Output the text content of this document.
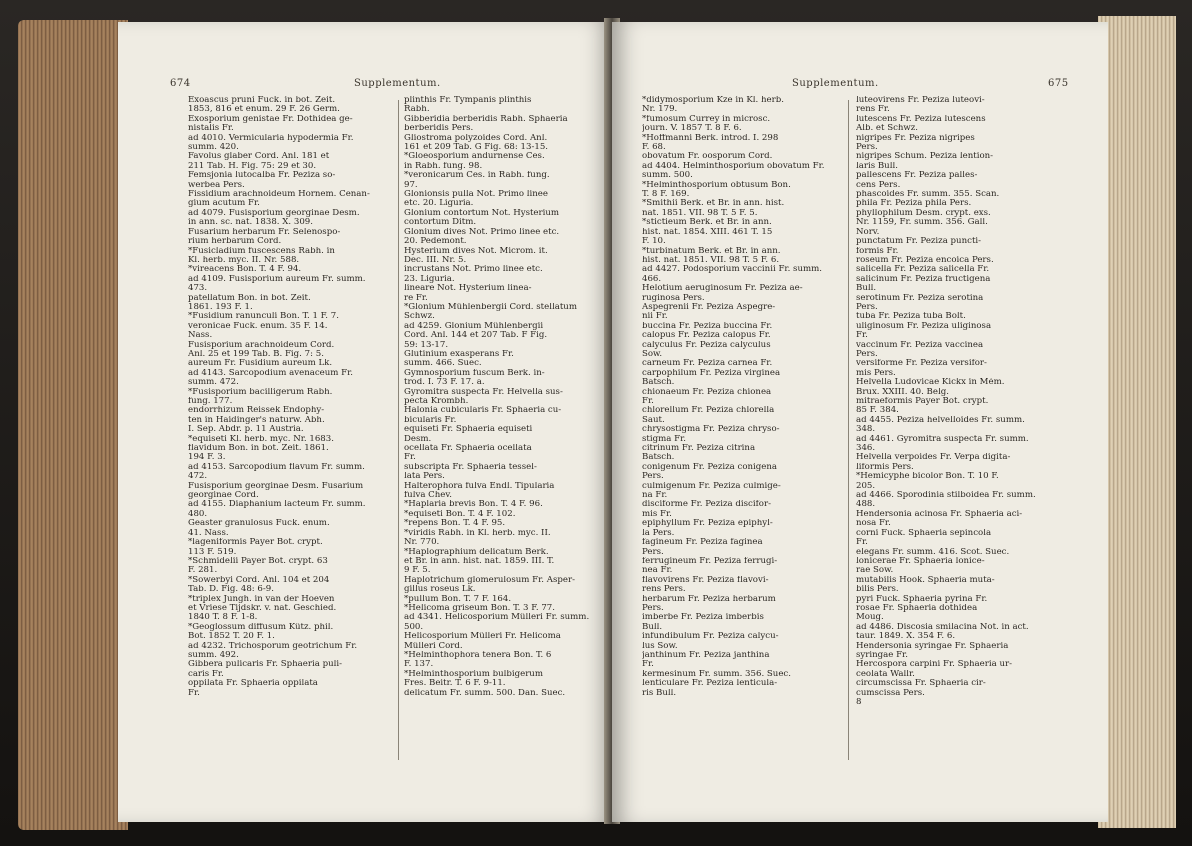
674	Supplementum.
Exoascus pruni Fuck. in bot. Zeit.
1853, 816 et enum. 29 F. 26 Germ.
Exosporium genistae Fr. Dothidea ge-
nistalis Fr.
ad 4010. Vermicularia hypodermia Fr.
summ. 420.
Favolus glaber Cord. Anl. 181 et
211 Tab. H. Fig. 75: 29 et 30.
Femsjonia lutocalba Fr. Peziza so-
werbea Pers.
Fissidium arachnoideum Hornem. Cenan-
gium acutum Fr.
ad 4079. Fusisporium georginae Desm.
in ann. sc. nat. 1838. X. 309.
Fusarium herbarum Fr. Selenospo-
rium herbarum Cord.
*Fusicladium fuscescens Rabh. in
Kl. herb. myc. II. Nr. 588.
*vireacens Bon. T. 4 F. 94.
ad 4109. Fusisporium aureum Fr. summ.
473.
patellatum Bon. in bot. Zeit.
1861. 193 F. 1.
*Fusidium ranunculi Bon. T. 1 F. 7.
veronicae Fuck. enum. 35 F. 14.
Nass.
Fusisporium arachnoideum Cord.
Anl. 25 et 199 Tab. B. Fig. 7: 5.
aureum Fr. Fusidium aureum Lk.
ad 4143. Sarcopodium avenaceum Fr.
summ. 472.
*Fusisporium bacilligerum Rabh.
fung. 177.
endorrhizum Reissek Endophy-
ten in Haidinger's naturw. Abh.
I. Sep. Abdr. p. 11 Austria.
*equiseti Kl. herb. myc. Nr. 1683.
flavidum Bon. in bot. Zeit. 1861.
194 F. 3.
ad 4153. Sarcopodium flavum Fr. summ.
472.
Fusisporium georginae Desm. Fusarium
georginae Cord.
ad 4155. Diaphanium lacteum Fr. summ.
480.
Geaster granulosus Fuck. enum.
41. Nass.
*lageniformis Payer Bot. crypt.
113 F. 519.
*Schmidelii Payer Bot. crypt. 63
F. 281.
*Sowerbyi Cord. Anl. 104 et 204
Tab. D. Fig. 48: 6-9.
*triplex Jungh. in van der Hoeven
et Vriese Tijdskr. v. nat. Geschied.
1840 T. 8 F. 1-8.
*Geoglossum diffusum Kütz. phil.
Bot. 1852 T. 20 F. 1.
ad 4232. Trichosporum geotrichum Fr.
summ. 492.
Gibbera pulicaris Fr. Sphaeria puli-
caris Fr.
oppilata Fr. Sphaeria oppilata
Fr.
plinthis Fr. Tympanis plinthis
Rabh.
Gibberidia berberidis Rabh. Sphaeria
berberidis Pers.
Gliostroma polyzoides Cord. Anl.
161 et 209 Tab. G Fig. 68: 13-15.
*Gloeosporium andurnense Ces.
in Rabh. fung. 98.
*veronicarum Ces. in Rabh. fung.
97.
Glonionsis pulla Not. Primo linee
etc. 20. Liguria.
Glonium contortum Not. Hysterium
contortum Ditm.
Glonium dives Not. Primo linee etc.
20. Pedemont.
Hysterium dives Not. Microm. it.
Dec. III. Nr. 5.
incrustans Not. Primo linee etc.
23. Liguria.
lineare Not. Hysterium linea-
re Fr.
*Glonium Mühlenbergii Cord. stellatum
Schwz.
ad 4259. Glonium Mühlenbergii
Cord. Anl. 144 et 207 Tab. F Fig.
59: 13-17.
Glutinium exasperans Fr.
summ. 466. Suec.
Gymnosporium fuscum Berk. in-
trod. I. 73 F. 17. a.
Gyromitra suspecta Fr. Helvella sus-
pecta Krombh.
Halonia cubicularis Fr. Sphaeria cu-
bicularis Fr.
equiseti Fr. Sphaeria equiseti
Desm.
ocellata Fr. Sphaeria ocellata
Fr.
subscripta Fr. Sphaeria tessel-
lata Pers.
Halterophora fulva Endl. Tipularia
fulva Chev.
*Haplaria brevis Bon. T. 4 F. 96.
*equiseti Bon. T. 4 F. 102.
*repens Bon. T. 4 F. 95.
*viridis Rabh. in Kl. herb. myc. II.
Nr. 770.
*Haplographium delicatum Berk.
et Br. in ann. hist. nat. 1859. III. T.
9 F. 5.
Haplotrichum glomerulosum Fr. Asper-
gillus roseus Lk.
*pullum Bon. T. 7 F. 164.
*Helicoma griseum Bon. T. 3 F. 77.
ad 4341. Helicosporium Mülleri Fr. summ.
500.
Helicosporium Mülleri Fr. Helicoma
Mülleri Cord.
*Helminthophora tenera Bon. T. 6
F. 137.
*Helminthosporium bulbigerum
Fres. Beitr. T. 6 F. 9-11.
delicatum Fr. summ. 500. Dan. Suec.
Supplementum.	675
*didymosporium Kze in Kl. herb.
Nr. 179.
*fumosum Currey in microsc.
journ. V. 1857 T. 8 F. 6.
*Hoffmanni Berk. introd. I. 298
F. 68.
obovatum Fr. oosporum Cord.
ad 4404. Helminthosporium obovatum Fr.
summ. 500.
*Helminthosporium obtusum Bon.
T. 8 F. 169.
*Smithii Berk. et Br. in ann. hist.
nat. 1851. VII. 98 T. 5 F. 5.
*stictieum Berk. et Br. in ann.
hist. nat. 1854. XIII. 461 T. 15
F. 10.
*turbinatum Berk. et Br. in ann.
hist. nat. 1851. VII. 98 T. 5 F. 6.
ad 4427. Podosporium vaccinii Fr. summ.
466.
Helotium aeruginosum Fr. Peziza ae-
ruginosa Pers.
Aspegrenii Fr. Peziza Aspegre-
nii Fr.
buccina Fr. Peziza buccina Fr.
calopus Fr. Peziza calopus Fr.
calyculus Fr. Peziza calyculus
Sow.
carneum Fr. Peziza carnea Fr.
carpophilum Fr. Peziza virginea
Batsch.
chionaeum Fr. Peziza chionea
Fr.
chlorellum Fr. Peziza chlorella
Saut.
chrysostigma Fr. Peziza chryso-
stigma Fr.
citrinum Fr. Peziza citrina
Batsch.
conigenum Fr. Peziza conigena
Pers.
culmigenum Fr. Peziza culmige-
na Fr.
disciforme Fr. Peziza discifor-
mis Fr.
epiphyllum Fr. Peziza epiphyl-
la Pers.
fagineum Fr. Peziza faginea
Pers.
ferrugineum Fr. Peziza ferrugi-
nea Fr.
flavovirens Fr. Peziza flavovi-
rens Pers.
herbarum Fr. Peziza herbarum
Pers.
imberbe Fr. Peziza imberbis
Bull.
infundibulum Fr. Peziza calycu-
lus Sow.
janthinum Fr. Peziza janthina
Fr.
kermesinum Fr. summ. 356. Suec.
lenticulare Fr. Peziza lenticula-
ris Bull.
luteovirens Fr. Peziza luteovi-
rens Fr.
lutescens Fr. Peziza lutescens
Alb. et Schwz.
nigripes Fr. Peziza nigripes
Pers.
nigripes Schum. Peziza lention-
laris Bull.
pallescens Fr. Peziza palles-
cens Pers.
phascoides Fr. summ. 355. Scan.
phila Fr. Peziza phila Pers.
phyllophilum Desm. crypt. exs.
Nr. 1159, Fr. summ. 356. Gall.
Norv.
punctatum Fr. Peziza puncti-
formis Fr.
roseum Fr. Peziza encoica Pers.
salicella Fr. Peziza salicella Fr.
salicinum Fr. Peziza fructigena
Bull.
serotinum Fr. Peziza serotina
Pers.
tuba Fr. Peziza tuba Bolt.
uliginosum Fr. Peziza uliginosa
Fr.
vaccinum Fr. Peziza vaccinea
Pers.
versiforme Fr. Peziza versifor-
mis Pers.
Helvella Ludovicae Kickx in Mém.
Brux. XXIII. 40. Belg.
mitraeformis Payer Bot. crypt.
85 F. 384.
ad 4455. Peziza helvelloides Fr. summ.
348.
ad 4461. Gyromitra suspecta Fr. summ.
346.
Helvella verpoides Fr. Verpa digita-
liformis Pers.
*Hemicyphe bicolor Bon. T. 10 F.
205.
ad 4466. Sporodinia stilboidea Fr. summ.
488.
Hendersonia acinosa Fr. Sphaeria aci-
nosa Fr.
corni Fuck. Sphaeria sepincola
Fr.
elegans Fr. summ. 416. Scot. Suec.
lonicerae Fr. Sphaeria lonice-
rae Sow.
mutabilis Hook. Sphaeria muta-
bilis Pers.
pyri Fuck. Sphaeria pyrina Fr.
rosae Fr. Sphaeria dothidea
Moug.
ad 4486. Discosia smilacina Not. in act.
taur. 1849. X. 354 F. 6.
Hendersonia syringae Fr. Sphaeria
syringae Fr.
Hercospora carpini Fr. Sphaeria ur-
ceolata Wallr.
circumscissa Fr. Sphaeria cir-
cumscissa Pers.
8
